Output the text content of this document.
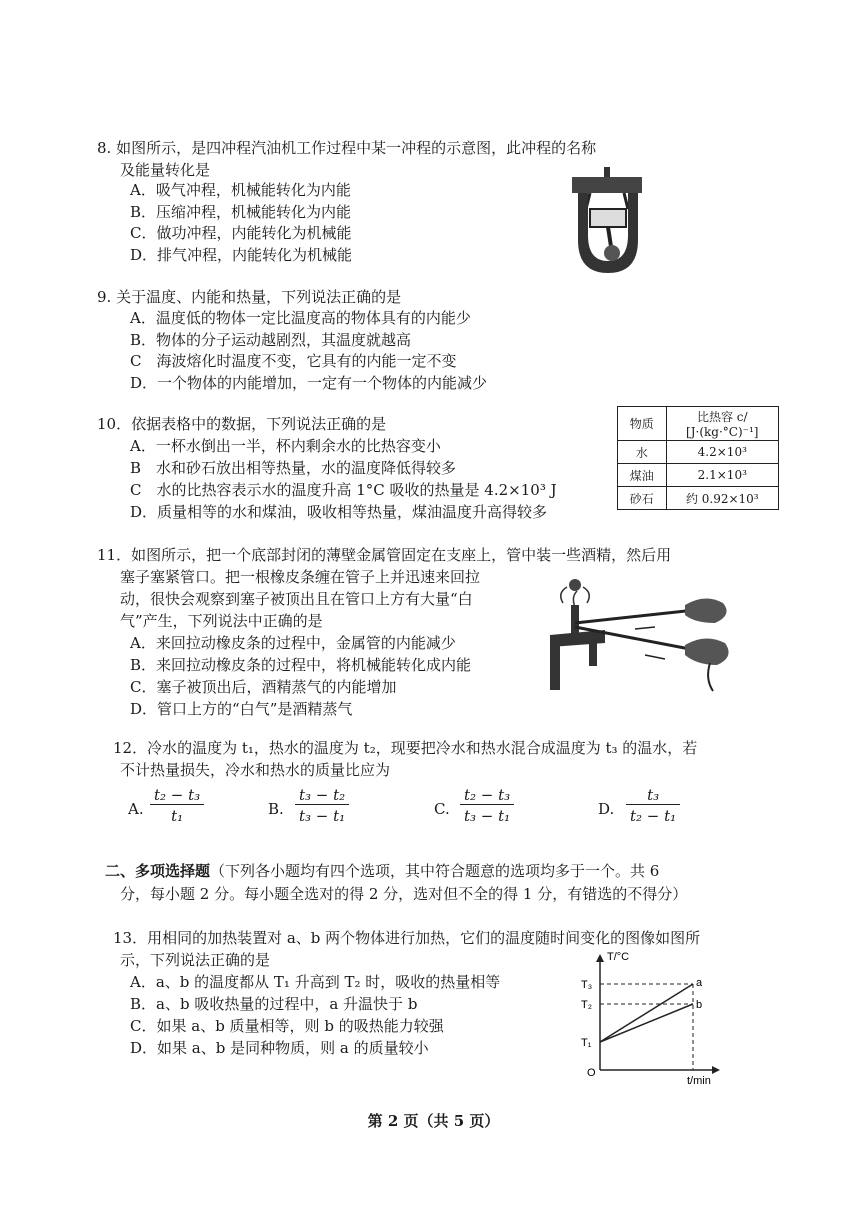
8. 如图所示，是四冲程汽油机工作过程中某一冲程的示意图，此冲程的名称
及能量转化是
A．吸气冲程，机械能转化为内能
B．压缩冲程，机械能转化为内能
C．做功冲程，内能转化为机械能
D．排气冲程，内能转化为机械能
9. 关于温度、内能和热量，下列说法正确的是
A．温度低的物体一定比温度高的物体具有的内能少
B．物体的分子运动越剧烈，其温度就越高
C　海波熔化时温度不变，它具有的内能一定不变
D．一个物体的内能增加，一定有一个物体的内能减少
10．依据表格中的数据，下列说法正确的是
A．一杯水倒出一半，杯内剩余水的比热容变小
B　水和砂石放出相等热量，水的温度降低得较多
C　水的比热容表示水的温度升高 1°C 吸收的热量是 4.2×10³ J
D．质量相等的水和煤油，吸收相等热量，煤油温度升高得较多
物质	比热容 c/
[J·(kg·°C)⁻¹]
水	4.2×10³
煤油	2.1×10³
砂石	约 0.92×10³
11．如图所示，把一个底部封闭的薄壁金属管固定在支座上，管中装一些酒精，然后用
塞子塞紧管口。把一根橡皮条缠在管子上并迅速来回拉
动，很快会观察到塞子被顶出且在管口上方有大量“白
气”产生，下列说法中正确的是
A．来回拉动橡皮条的过程中，金属管的内能减少
B．来回拉动橡皮条的过程中，将机械能转化成内能
C．塞子被顶出后，酒精蒸气的内能增加
D．管口上方的“白气”是酒精蒸气
12．冷水的温度为 t₁，热水的温度为 t₂，现要把冷水和热水混合成温度为 t₃ 的温水，若
不计热量损失，冷水和热水的质量比应为
A. $\frac{\text{t₂ − t₃}}{\text{t₁}}$	B. $\frac{\text{t₃ − t₂}}{\text{t₃ − t₁}}$	C. $\frac{\text{t₂ − t₃}}{\text{t₃ − t₁}}$	D. $\frac{\text{t₃}}{\text{t₂ − t₁}}$
二、多项选择题（下列各小题均有四个选项，其中符合题意的选项均多于一个。共 6
分，每小题 2 分。每小题全选对的得 2 分，选对但不全的得 1 分，有错选的不得分）
13．用相同的加热装置对 a、b 两个物体进行加热，它们的温度随时间变化的图像如图所
示，下列说法正确的是
A．a、b 的温度都从 T₁ 升高到 T₂ 时，吸收的热量相等
B．a、b 吸收热量的过程中，a 升温快于 b
C．如果 a、b 质量相等，则 b 的吸热能力较强
D．如果 a、b 是同种物质，则 a 的质量较小
T/°C
t/min
O
T₁
T₂
T₃	a
b
第 2 页（共 5 页）
